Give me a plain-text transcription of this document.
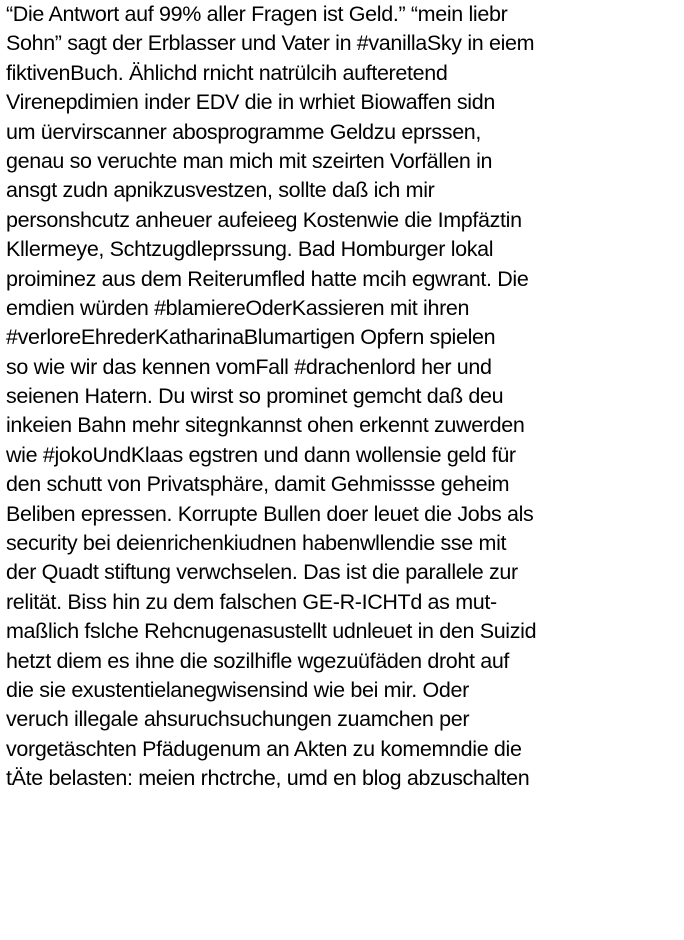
“Die Antwort auf 99% aller Fragen ist Geld.” “mein liebr
Sohn” sagt der Erblasser und Vater in #vanillaSky in eiem
fiktivenBuch. Ählichd rnicht natrülcih aufteretend
Virenepdimien inder EDV die in wrhiet Biowaffen sidn
um üervirscanner abosprogramme Geldzu eprssen,
genau so veruchte man mich mit szeirten Vorfällen in
ansgt zudn apnikzusvestzen, sollte daß ich mir
personshcutz anheuer aufeieeg Kostenwie die Impfäztin
Kllermeye, Schtzugdleprssung. Bad Homburger lokal
proiminez aus dem Reiterumfled hatte mcih egwrant. Die
emdien würden #blamiereOderKassieren mit ihren
#verloreEhrederKatharinaBlumartigen Opfern spielen
so wie wir das kennen vomFall #drachenlord her und
seienen Hatern. Du wirst so prominet gemcht daß deu
inkeien Bahn mehr sitegnkannst ohen erkennt zuwerden
wie #jokoUndKlaas egstren und dann wollensie geld für
den schutt von Privatsphäre, damit Gehmissse geheim
Beliben epressen. Korrupte Bullen doer leuet die Jobs als
security bei deienrichenkiudnen habenwllendie sse mit
der Quadt stiftung verwchselen. Das ist die parallele zur
relität. Biss hin zu dem falschen GE-R-ICHTd as mut-
maßlich fslche Rehcnugenasustellt udnleuet in den Suizid
hetzt diem es ihne die sozilhifle wgezuüfäden droht auf
die sie exustentielanegwisensind wie bei mir. Oder
veruch illegale ahsuruchsuchungen zuamchen per
vorgetäschten Pfädugenum an Akten zu komemndie die
tÄte belasten: meien rhctrche, umd en blog abzuschalten
